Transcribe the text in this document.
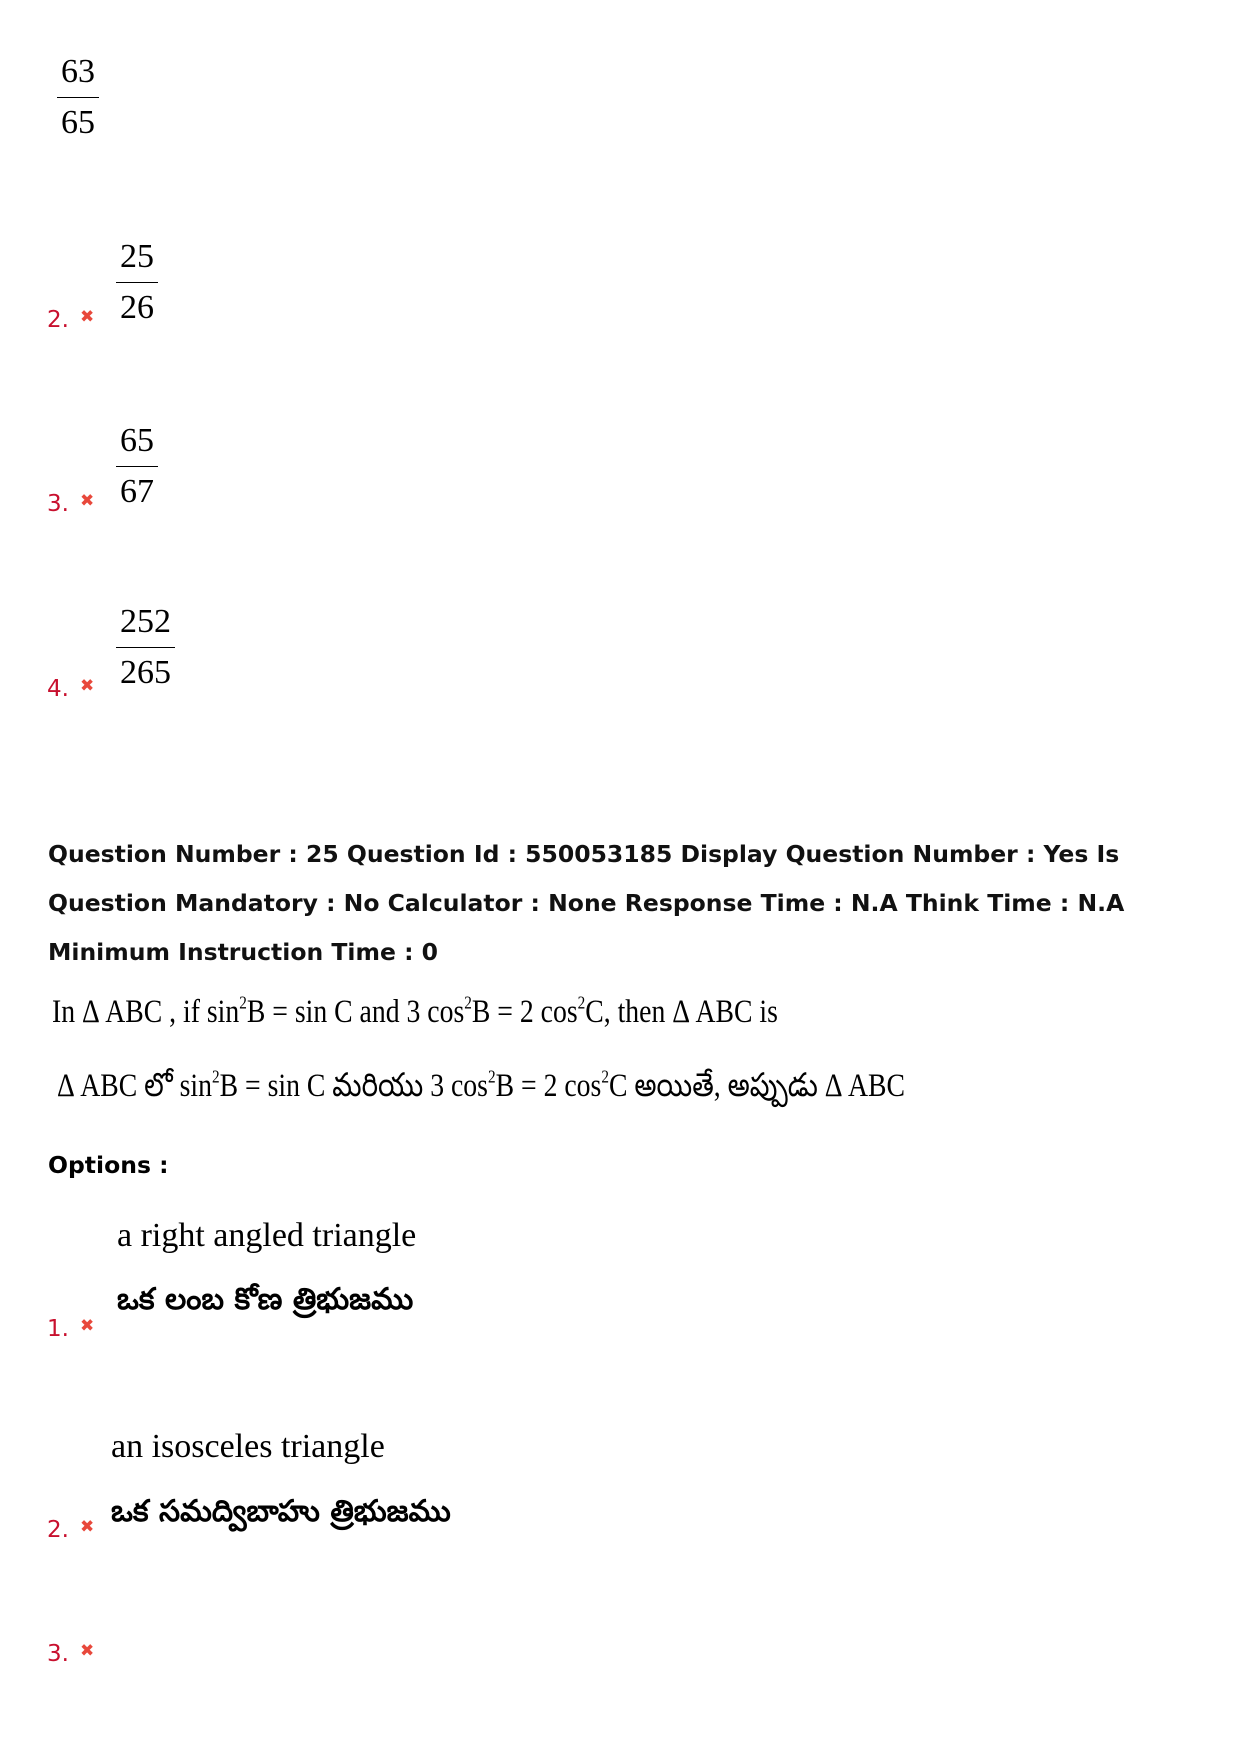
$\frac{63}{65}$
2. ✖ $\frac{25}{26}$
3. ✖ $\frac{65}{67}$
4. ✖ $\frac{252}{265}$
Question Number : 25 Question Id : 550053185 Display Question Number : Yes Is Question Mandatory : No Calculator : None Response Time : N.A Think Time : N.A Minimum Instruction Time : 0
In Δ ABC , if $\sin^2B = \sin C$ and 3 $\cos^2B = 2$ $\cos^2C$, then Δ ABC is
Δ ABC లో $\sin^2B = \sin C$ మరియు 3 $\cos^2B = 2$ $\cos^2C$ అయితే, అప్పుడు Δ ABC
Options :
a right angled triangle
ఒక లంబ కోణ త్రిభుజము
1. ✖
an isosceles triangle
ఒక సమద్విబాహు త్రిభుజము
2. ✖
3. ✖
